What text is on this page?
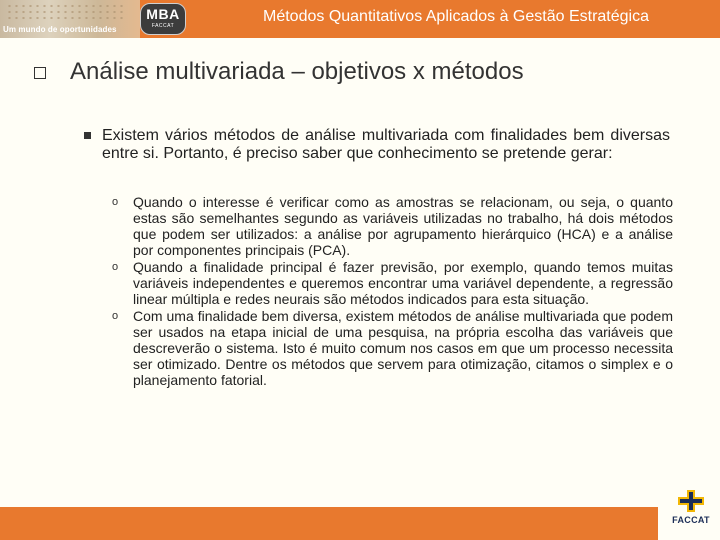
Um mundo de oportunidades
MBA
FACCAT
Métodos Quantitativos Aplicados à Gestão Estratégica
Análise multivariada – objetivos x métodos
Existem vários métodos de análise multivariada com finalidades bem diversas entre si. Portanto, é preciso saber que conhecimento se pretende gerar:
o Quando o interesse é verificar como as amostras se relacionam, ou seja, o quanto estas são semelhantes segundo as variáveis utilizadas no trabalho, há dois métodos que podem ser utilizados: a análise por agrupamento hierárquico (HCA) e a análise por componentes principais (PCA).
o Quando a finalidade principal é fazer previsão, por exemplo, quando temos muitas variáveis independentes e queremos encontrar uma variável dependente, a regressão linear múltipla e redes neurais são métodos indicados para esta situação.
o Com uma finalidade bem diversa, existem métodos de análise multivariada que podem ser usados na etapa inicial de uma pesquisa, na própria escolha das variáveis que descreverão o sistema. Isto é muito comum nos casos em que um processo necessita ser otimizado. Dentre os métodos que servem para otimização, citamos o simplex e o planejamento fatorial.
FACCAT
